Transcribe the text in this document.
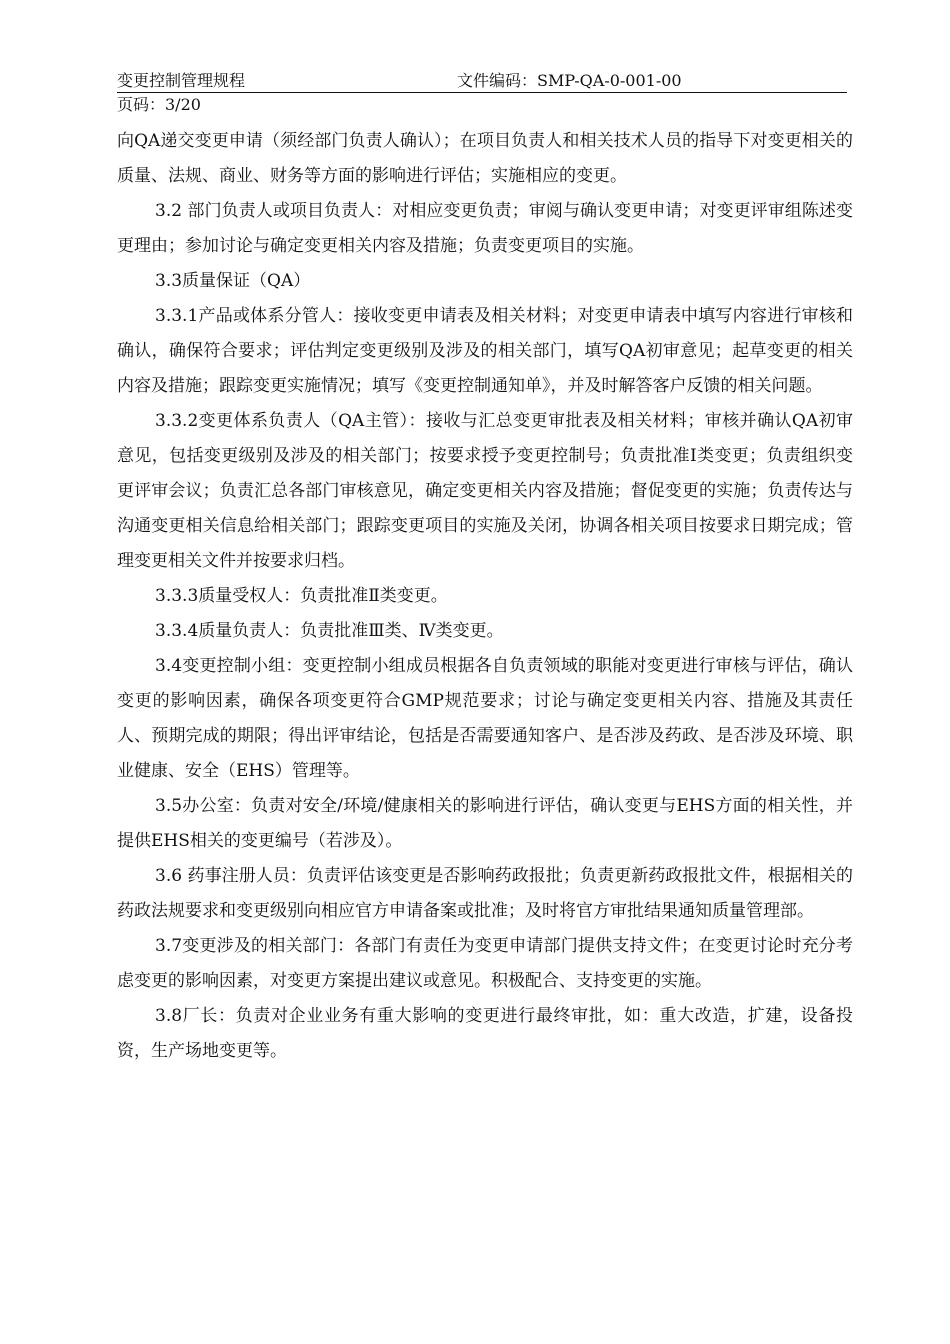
变更控制管理规程	文件编码：SMP-QA-0-001-00
页码：3/20

向QA递交变更申请（须经部门负责人确认）；在项目负责人和相关技术人员的指导下对变更相关的质量、法规、商业、财务等方面的影响进行评估；实施相应的变更。

3.2 部门负责人或项目负责人：对相应变更负责；审阅与确认变更申请；对变更评审组陈述变更理由；参加讨论与确定变更相关内容及措施；负责变更项目的实施。

3.3质量保证（QA）

3.3.1产品或体系分管人：接收变更申请表及相关材料；对变更申请表中填写内容进行审核和确认，确保符合要求；评估判定变更级别及涉及的相关部门，填写QA初审意见；起草变更的相关内容及措施；跟踪变更实施情况；填写《变更控制通知单》，并及时解答客户反馈的相关问题。

3.3.2变更体系负责人（QA主管）：接收与汇总变更审批表及相关材料；审核并确认QA初审意见，包括变更级别及涉及的相关部门；按要求授予变更控制号；负责批准Ⅰ类变更；负责组织变更评审会议；负责汇总各部门审核意见，确定变更相关内容及措施；督促变更的实施；负责传达与沟通变更相关信息给相关部门；跟踪变更项目的实施及关闭，协调各相关项目按要求日期完成；管理变更相关文件并按要求归档。

3.3.3质量受权人：负责批准Ⅱ类变更。

3.3.4质量负责人：负责批准Ⅲ类、Ⅳ类变更。

3.4变更控制小组：变更控制小组成员根据各自负责领域的职能对变更进行审核与评估，确认变更的影响因素，确保各项变更符合GMP规范要求；讨论与确定变更相关内容、措施及其责任人、预期完成的期限；得出评审结论，包括是否需要通知客户、是否涉及药政、是否涉及环境、职业健康、安全（EHS）管理等。

3.5办公室：负责对安全/环境/健康相关的影响进行评估，确认变更与EHS方面的相关性，并提供EHS相关的变更编号（若涉及）。

3.6 药事注册人员：负责评估该变更是否影响药政报批；负责更新药政报批文件，根据相关的药政法规要求和变更级别向相应官方申请备案或批准；及时将官方审批结果通知质量管理部。

3.7变更涉及的相关部门：各部门有责任为变更申请部门提供支持文件；在变更讨论时充分考虑变更的影响因素，对变更方案提出建议或意见。积极配合、支持变更的实施。

3.8厂长：负责对企业业务有重大影响的变更进行最终审批，如：重大改造，扩建，设备投资，生产场地变更等。
